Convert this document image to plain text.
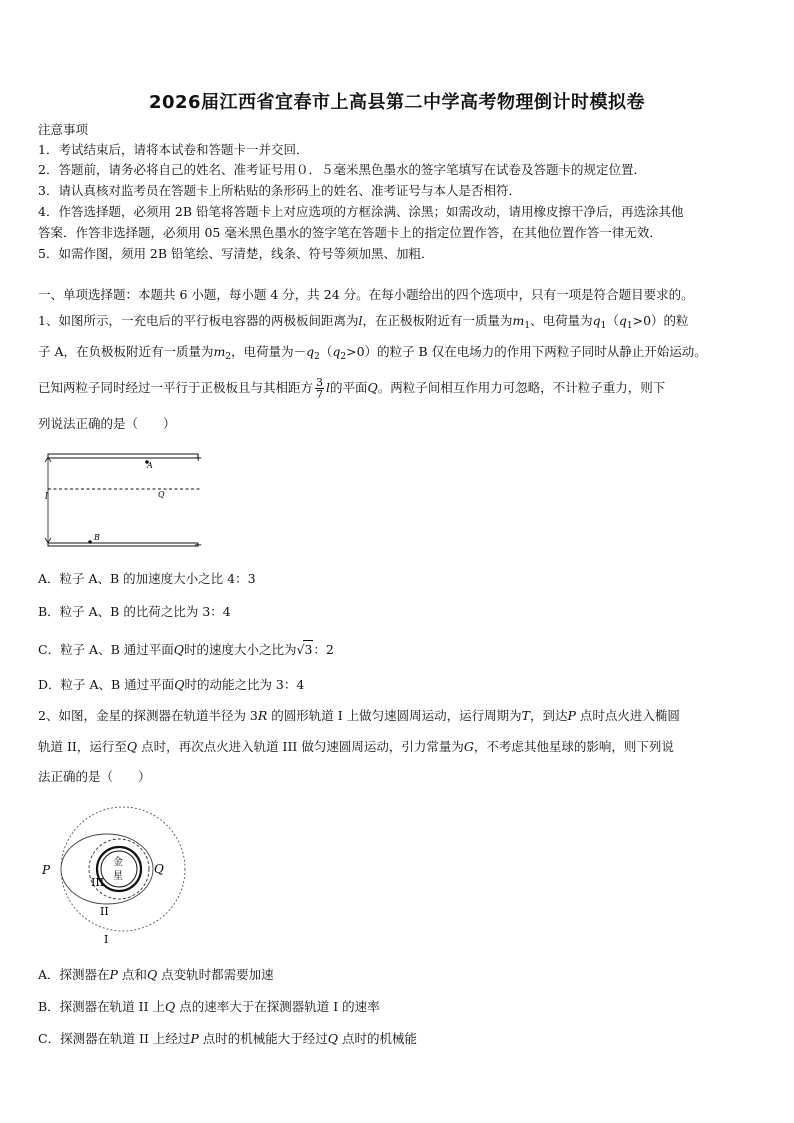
2026届江西省宜春市上高县第二中学高考物理倒计时模拟卷
注意事项
1．考试结束后，请将本试卷和答题卡一并交回．
2．答题前，请务必将自己的姓名、准考证号用０．５毫米黑色墨水的签字笔填写在试卷及答题卡的规定位置．
3．请认真核对监考员在答题卡上所粘贴的条形码上的姓名、准考证号与本人是否相符．
4．作答选择题，必须用 2B 铅笔将答题卡上对应选项的方框涂满、涂黑；如需改动，请用橡皮擦干净后，再选涂其他
答案．作答非选择题，必须用 05 毫米黑色墨水的签字笔在答题卡上的指定位置作答，在其他位置作答一律无效．
5．如需作图，须用 2B 铅笔绘、写清楚，线条、符号等须加黑、加粗．
一、单项选择题：本题共 6 小题，每小题 4 分，共 24 分。在每小题给出的四个选项中，只有一项是符合题目要求的。
1、如图所示，一充电后的平行板电容器的两极板间距离为l，在正极板附近有一质量为$m_1$、电荷量为$q_1(q_1>0)$的粒
子 A，在负极板附近有一质量为$m_2$，电荷量为$-q_2(q_2>0)$的粒子 B 仅在电场力的作用下两粒子同时从静止开始运动。
已知两粒子同时经过一平行于正极板且与其相距方 $\frac{3}{7}$ l的平面Q。两粒子间相互作用力可忽略，不计粒子重力，则下
列说法正确的是（　　）
+
A
Q
l
B
−
A．粒子 A、B 的加速度大小之比 4：3
B．粒子 A、B 的比荷之比为 3：4
C．粒子 A、B 通过平面Q时的速度大小之比为√3：2
D．粒子 A、B 通过平面Q时的动能之比为 3：4
2、如图，金星的探测器在轨道半径为 3R 的圆形轨道 I 上做匀速圆周运动，运行周期为T，到达P 点时点火进入椭圆
轨道 II，运行至Q 点时，再次点火进入轨道 III 做匀速圆周运动，引力常量为G，不考虑其他星球的影响，则下列说
法正确的是（　　）
金
星
P	Q
III
II
I
A．探测器在P 点和Q 点变轨时都需要加速
B．探测器在轨道 II 上Q 点的速率大于在探测器轨道 I 的速率
C．探测器在轨道 II 上经过P 点时的机械能大于经过Q 点时的机械能
